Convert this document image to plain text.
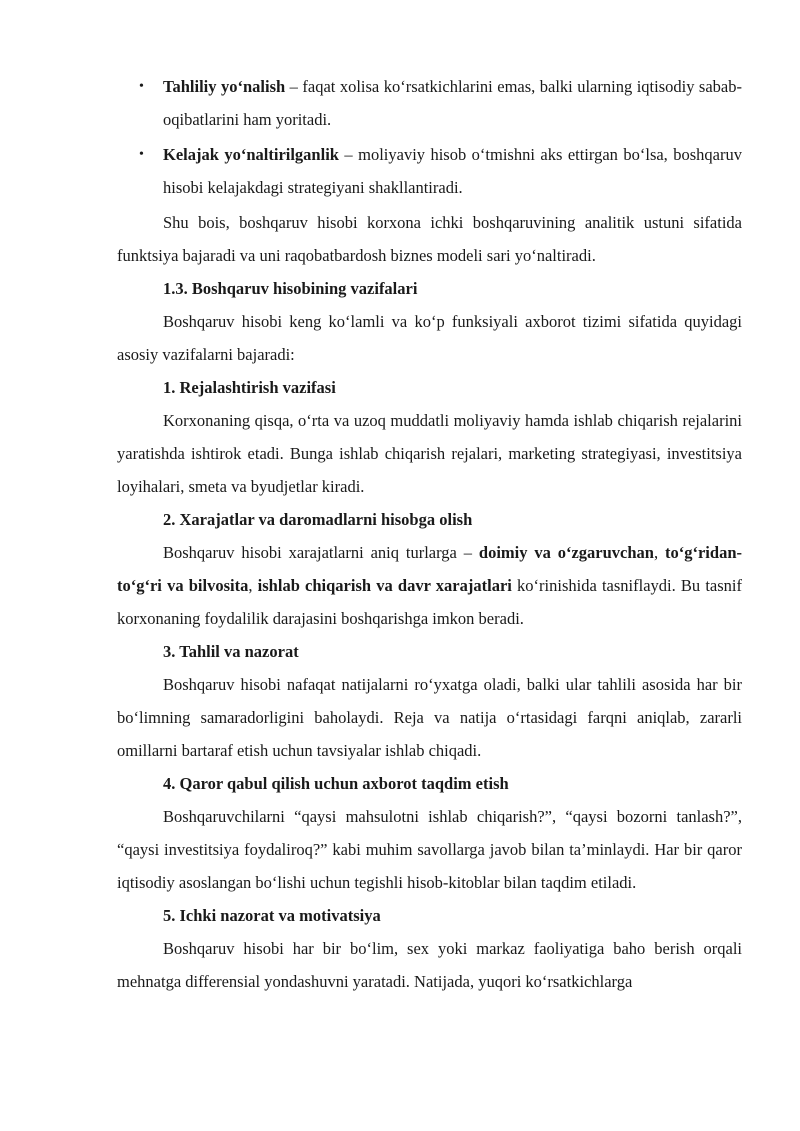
• Tahliliy yo‘nalish – faqat xolisa ko‘rsatkichlarini emas, balki ularning iqtisodiy sabab-oqibatlarini ham yoritadi.

• Kelajak yo‘naltirilganlik – moliyaviy hisob o‘tmishni aks ettirgan bo‘lsa, boshqaruv hisobi kelajakdagi strategiyani shakllantiradi.

Shu bois, boshqaruv hisobi korxona ichki boshqaruvining analitik ustuni sifatida funktsiya bajaradi va uni raqobatbardosh biznes modeli sari yo‘naltiradi.

1.3. Boshqaruv hisobining vazifalari

Boshqaruv hisobi keng ko‘lamli va ko‘p funksiyali axborot tizimi sifatida quyidagi asosiy vazifalarni bajaradi:

1. Rejalashtirish vazifasi

Korxonaning qisqa, o‘rta va uzoq muddatli moliyaviy hamda ishlab chiqarish rejalarini yaratishda ishtirok etadi. Bunga ishlab chiqarish rejalari, marketing strategiyasi, investitsiya loyihalari, smeta va byudjetlar kiradi.

2. Xarajatlar va daromadlarni hisobga olish

Boshqaruv hisobi xarajatlarni aniq turlarga – doimiy va o‘zgaruvchan, to‘g‘ridan-to‘g‘ri va bilvosita, ishlab chiqarish va davr xarajatlari ko‘rinishida tasniflaydi. Bu tasnif korxonaning foydalilik darajasini boshqarishga imkon beradi.

3. Tahlil va nazorat

Boshqaruv hisobi nafaqat natijalarni ro‘yxatga oladi, balki ular tahlili asosida har bir bo‘limning samaradorligini baholaydi. Reja va natija o‘rtasidagi farqni aniqlab, zararli omillarni bartaraf etish uchun tavsiyalar ishlab chiqadi.

4. Qaror qabul qilish uchun axborot taqdim etish

Boshqaruvchilarni “qaysi mahsulotni ishlab chiqarish?”, “qaysi bozorni tanlash?”, “qaysi investitsiya foydaliroq?” kabi muhim savollarga javob bilan ta’minlaydi. Har bir qaror iqtisodiy asoslangan bo‘lishi uchun tegishli hisob-kitoblar bilan taqdim etiladi.

5. Ichki nazorat va motivatsiya

Boshqaruv hisobi har bir bo‘lim, sex yoki markaz faoliyatiga baho berish orqali mehnatga differensial yondashuvni yaratadi. Natijada, yuqori ko‘rsatkichlarga
